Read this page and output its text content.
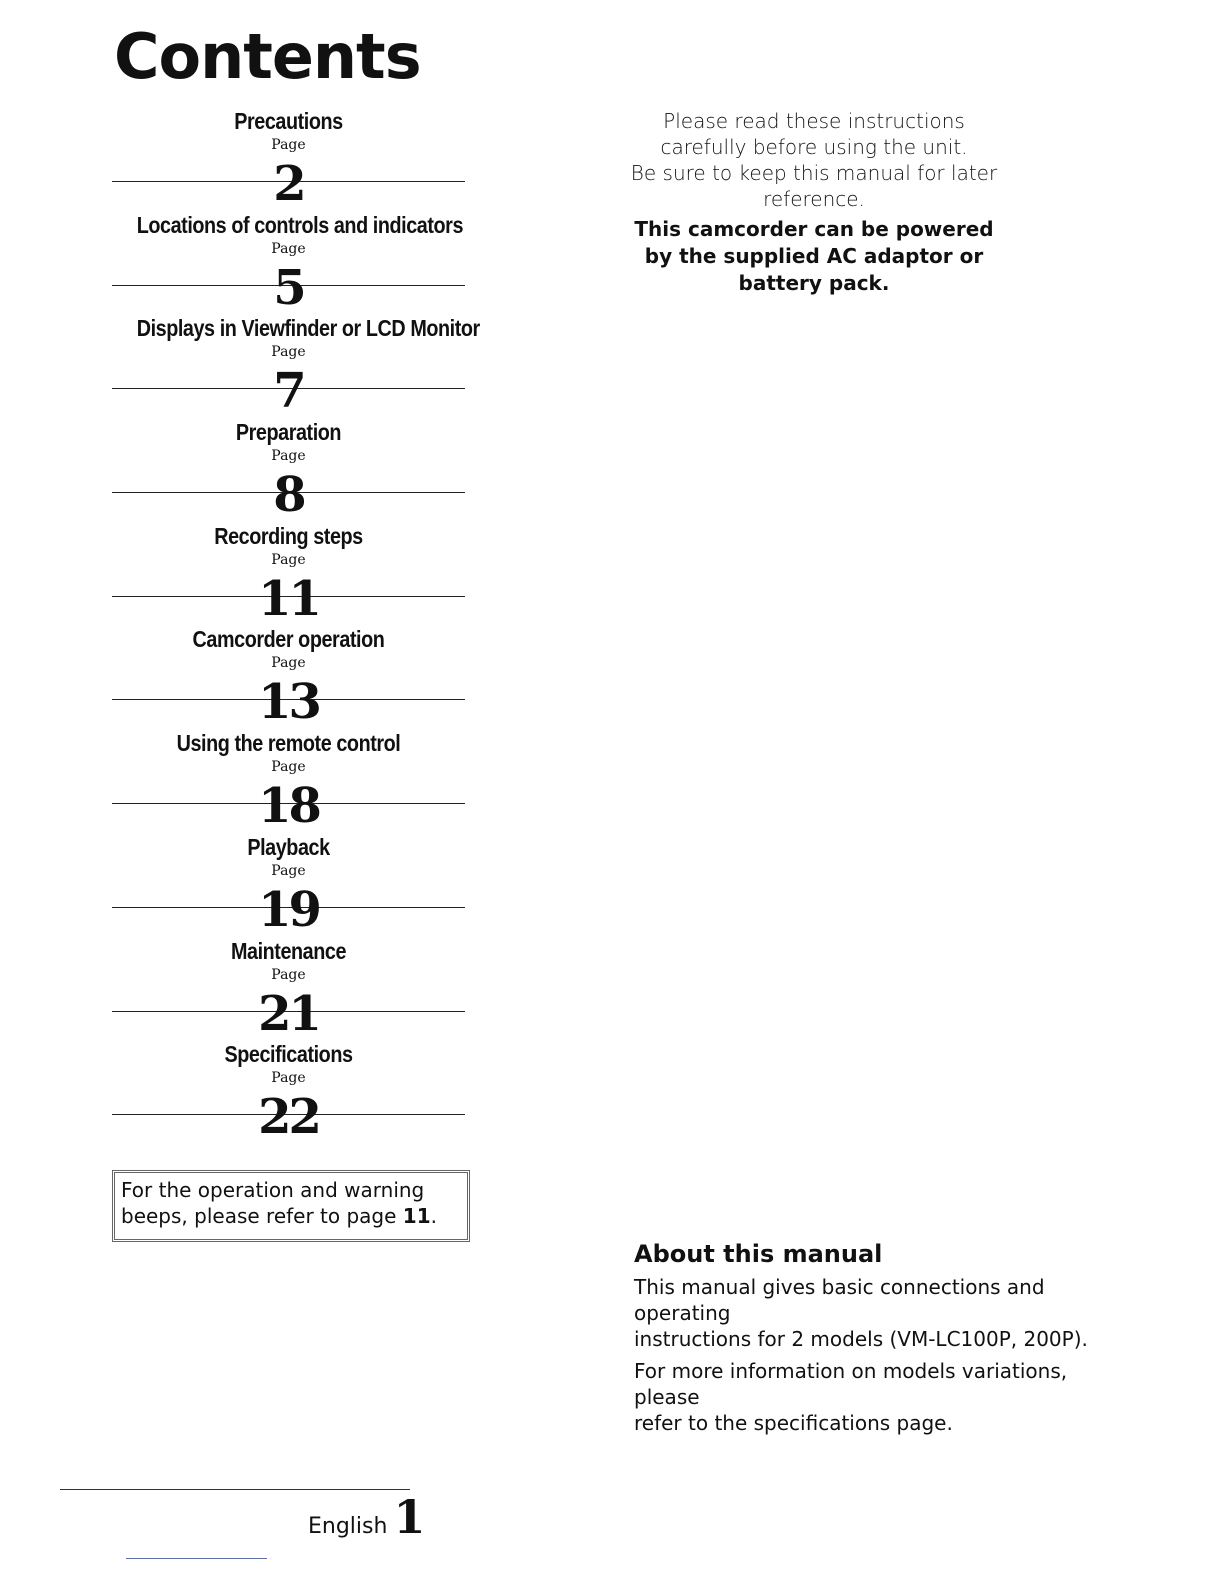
Contents
Precautions
Page
2
Locations of controls and indicators
Page
5
Displays in Viewfinder or LCD Monitor
Page
7
Preparation
Page
8
Recording steps
Page
11
Camcorder operation
Page
13
Using the remote control
Page
18
Playback
Page
19
Maintenance
Page
21
Specifications
Page
22
For the operation and warning
beeps, please refer to page 11.
Please read these instructions
carefully before using the unit.
Be sure to keep this manual for later
reference.
This camcorder can be powered
by the supplied AC adaptor or
battery pack.
About this manual

This manual gives basic connections and operating
instructions for 2 models (VM-LC100P, 200P).

For more information on models variations, please
refer to the specifications page.

English 1
